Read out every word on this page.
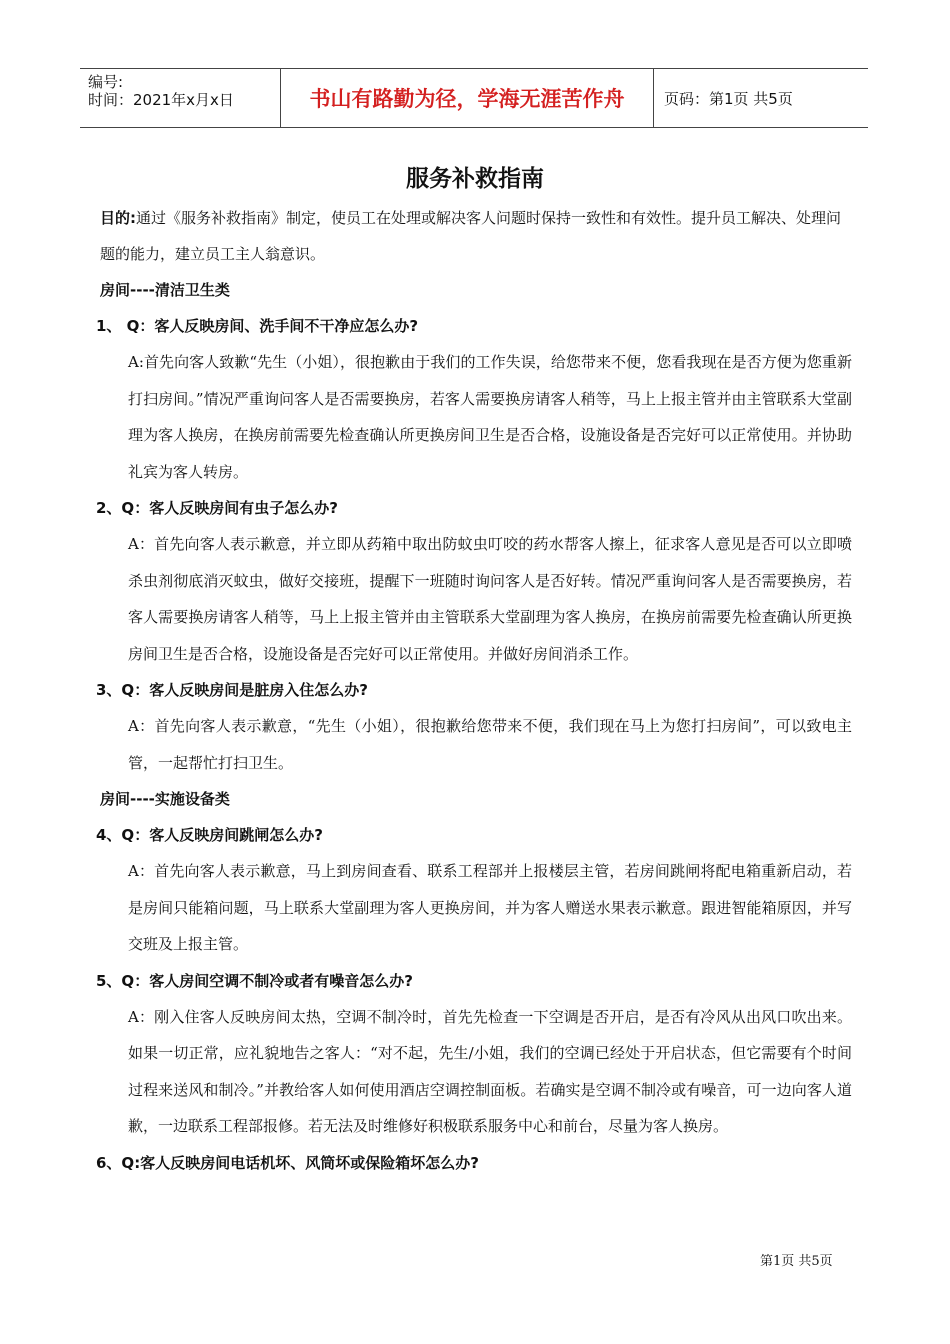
编号:
时间：2021年x月x日	书山有路勤为径，学海无涯苦作舟	页码：第1页 共5页
服务补救指南

目的:通过《服务补救指南》制定，使员工在处理或解决客人问题时保持一致性和有效性。提升员工解决、处理问题的能力，建立员工主人翁意识。

房间----清洁卫生类

1、 Q：客人反映房间、洗手间不干净应怎么办?

A:首先向客人致歉“先生（小姐），很抱歉由于我们的工作失误，给您带来不便，您看我现在是否方便为您重新打扫房间。”情况严重询问客人是否需要换房，若客人需要换房请客人稍等，马上上报主管并由主管联系大堂副理为客人换房，在换房前需要先检查确认所更换房间卫生是否合格，设施设备是否完好可以正常使用。并协助礼宾为客人转房。

2、Q：客人反映房间有虫子怎么办?

A：首先向客人表示歉意，并立即从药箱中取出防蚊虫叮咬的药水帮客人擦上，征求客人意见是否可以立即喷杀虫剂彻底消灭蚊虫，做好交接班，提醒下一班随时询问客人是否好转。情况严重询问客人是否需要换房，若客人需要换房请客人稍等，马上上报主管并由主管联系大堂副理为客人换房，在换房前需要先检查确认所更换房间卫生是否合格，设施设备是否完好可以正常使用。并做好房间消杀工作。

3、Q：客人反映房间是脏房入住怎么办?

A：首先向客人表示歉意，“先生（小姐），很抱歉给您带来不便，我们现在马上为您打扫房间”，可以致电主管，一起帮忙打扫卫生。

房间----实施设备类

4、Q：客人反映房间跳闸怎么办?

A：首先向客人表示歉意，马上到房间查看、联系工程部并上报楼层主管，若房间跳闸将配电箱重新启动，若是房间只能箱问题，马上联系大堂副理为客人更换房间，并为客人赠送水果表示歉意。跟进智能箱原因，并写交班及上报主管。

5、Q：客人房间空调不制冷或者有噪音怎么办?

A：刚入住客人反映房间太热，空调不制冷时，首先先检查一下空调是否开启，是否有冷风从出风口吹出来。如果一切正常，应礼貌地告之客人：“对不起，先生/小姐，我们的空调已经处于开启状态，但它需要有个时间过程来送风和制冷。”并教给客人如何使用酒店空调控制面板。若确实是空调不制冷或有噪音，可一边向客人道歉，一边联系工程部报修。若无法及时维修好积极联系服务中心和前台，尽量为客人换房。

6、Q:客人反映房间电话机坏、风筒坏或保险箱坏怎么办?

第1页 共5页
